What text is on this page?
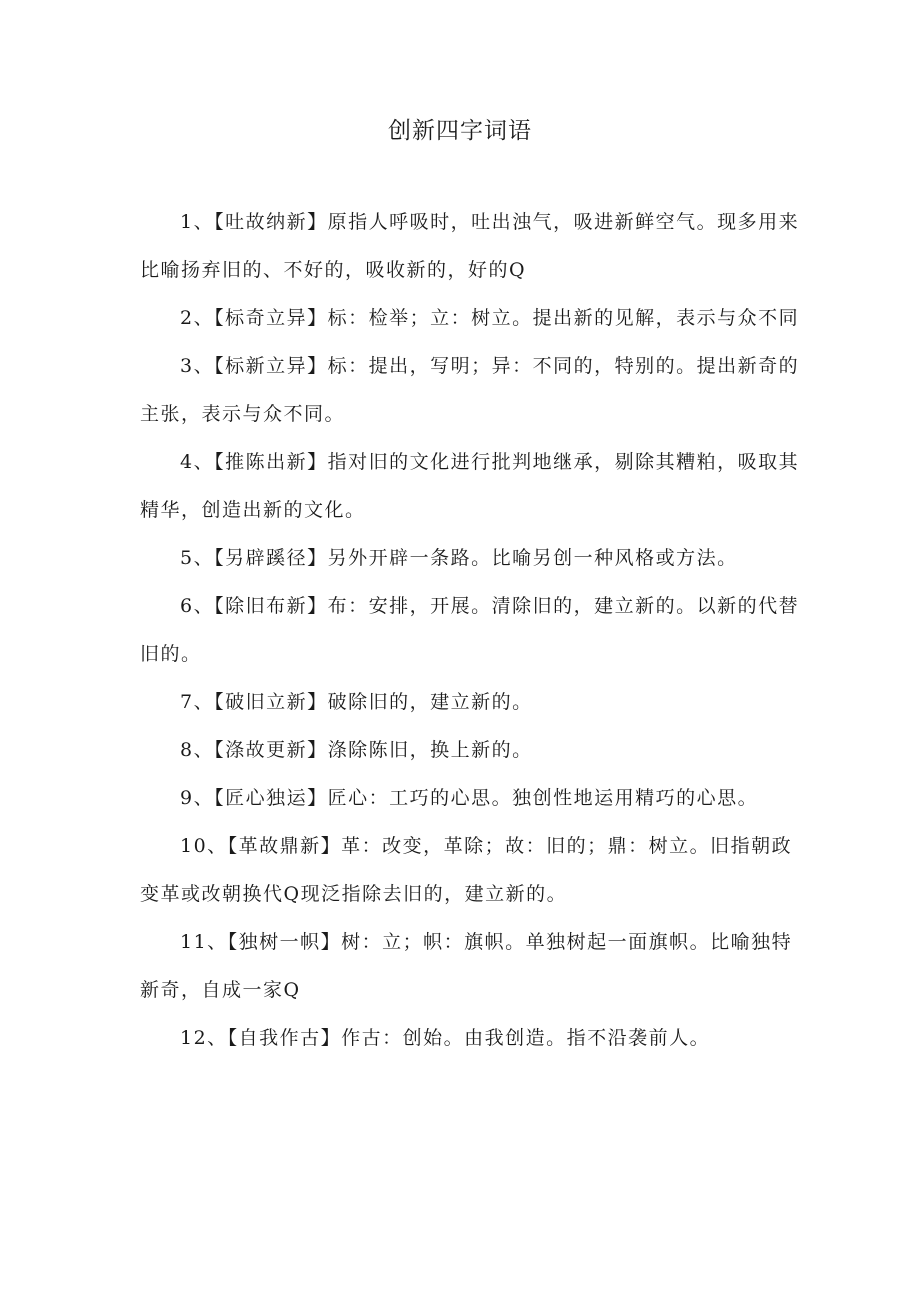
创新四字词语

1、【吐故纳新】原指人呼吸时，吐出浊气，吸进新鲜空气。现多用来比喻扬弃旧的、不好的，吸收新的，好的Q

2、【标奇立异】标：检举；立：树立。提出新的见解，表示与众不同

3、【标新立异】标：提出，写明；异：不同的，特别的。提出新奇的主张，表示与众不同。

4、【推陈出新】指对旧的文化进行批判地继承，剔除其糟粕，吸取其精华，创造出新的文化。

5、【另辟蹊径】另外开辟一条路。比喻另创一种风格或方法。

6、【除旧布新】布：安排，开展。清除旧的，建立新的。以新的代替旧的。

7、【破旧立新】破除旧的，建立新的。

8、【涤故更新】涤除陈旧，换上新的。

9、【匠心独运】匠心：工巧的心思。独创性地运用精巧的心思。

10、【革故鼎新】革：改变，革除；故：旧的；鼎：树立。旧指朝政变革或改朝换代Q现泛指除去旧的，建立新的。

11、【独树一帜】树：立；帜：旗帜。单独树起一面旗帜。比喻独特新奇，自成一家Q

12、【自我作古】作古：创始。由我创造。指不沿袭前人。
